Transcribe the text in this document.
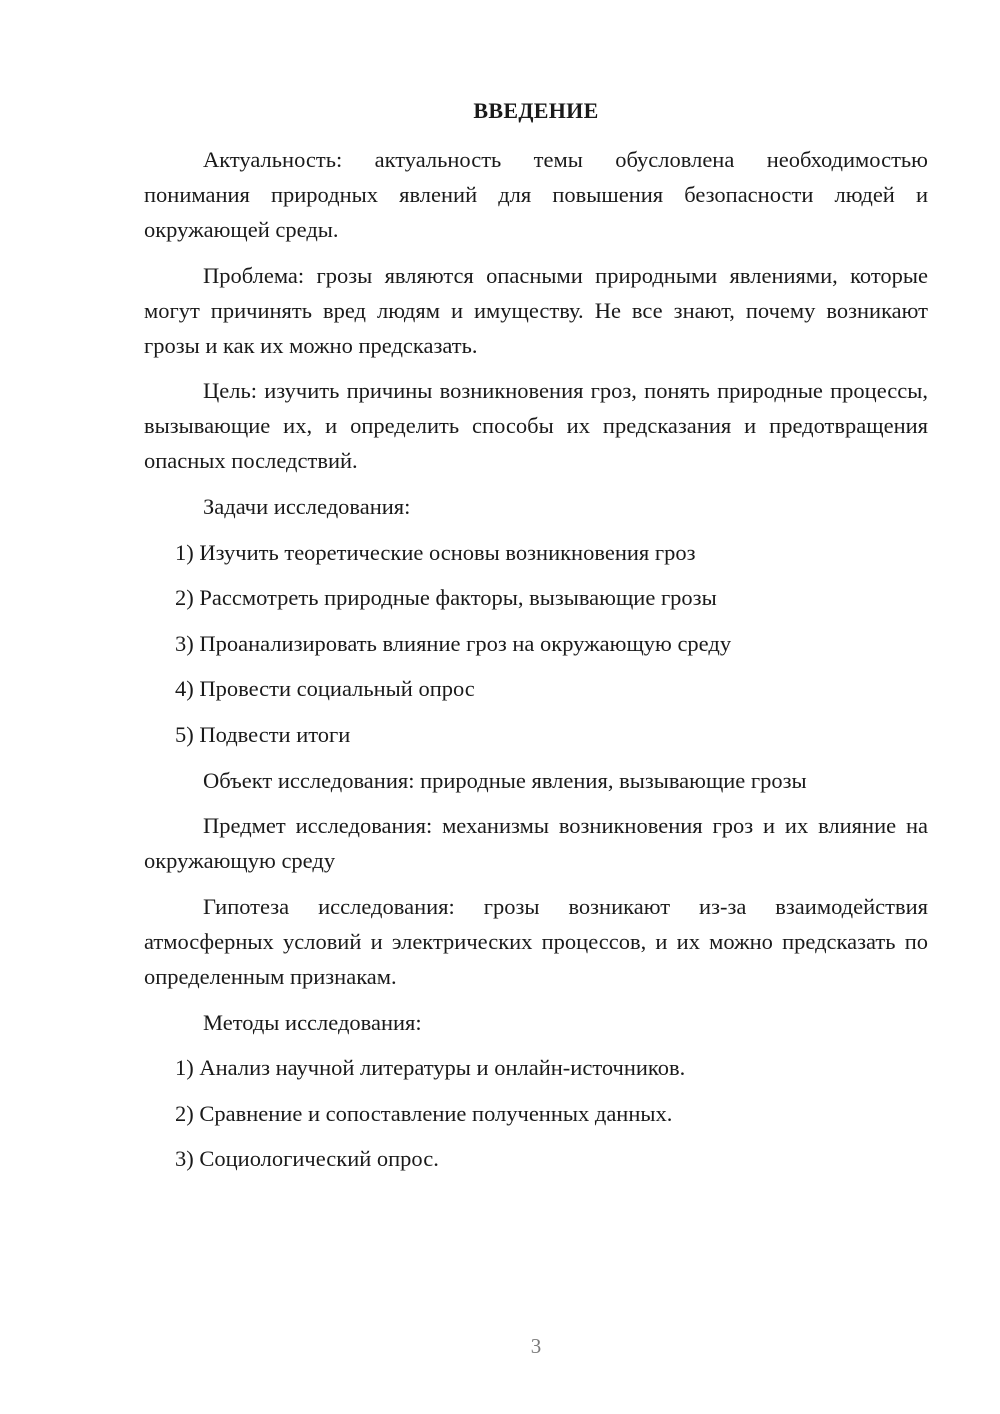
ВВЕДЕНИЕ

Актуальность: актуальность темы обусловлена необходимостью понимания природных явлений для повышения безопасности людей и окружающей среды.

Проблема: грозы являются опасными природными явлениями, которые могут причинять вред людям и имуществу. Не все знают, почему возникают грозы и как их можно предсказать.

Цель: изучить причины возникновения гроз, понять природные процессы, вызывающие их, и определить способы их предсказания и предотвращения опасных последствий.

Задачи исследования:

1) Изучить теоретические основы возникновения гроз

2) Рассмотреть природные факторы, вызывающие грозы

3) Проанализировать влияние гроз на окружающую среду

4) Провести социальный опрос

5) Подвести итоги

Объект исследования: природные явления, вызывающие грозы

Предмет исследования: механизмы возникновения гроз и их влияние на окружающую среду

Гипотеза исследования: грозы возникают из-за взаимодействия атмосферных условий и электрических процессов, и их можно предсказать по определенным признакам.

Методы исследования:

1) Анализ научной литературы и онлайн-источников.

2) Сравнение и сопоставление полученных данных.

3) Социологический опрос.

3
